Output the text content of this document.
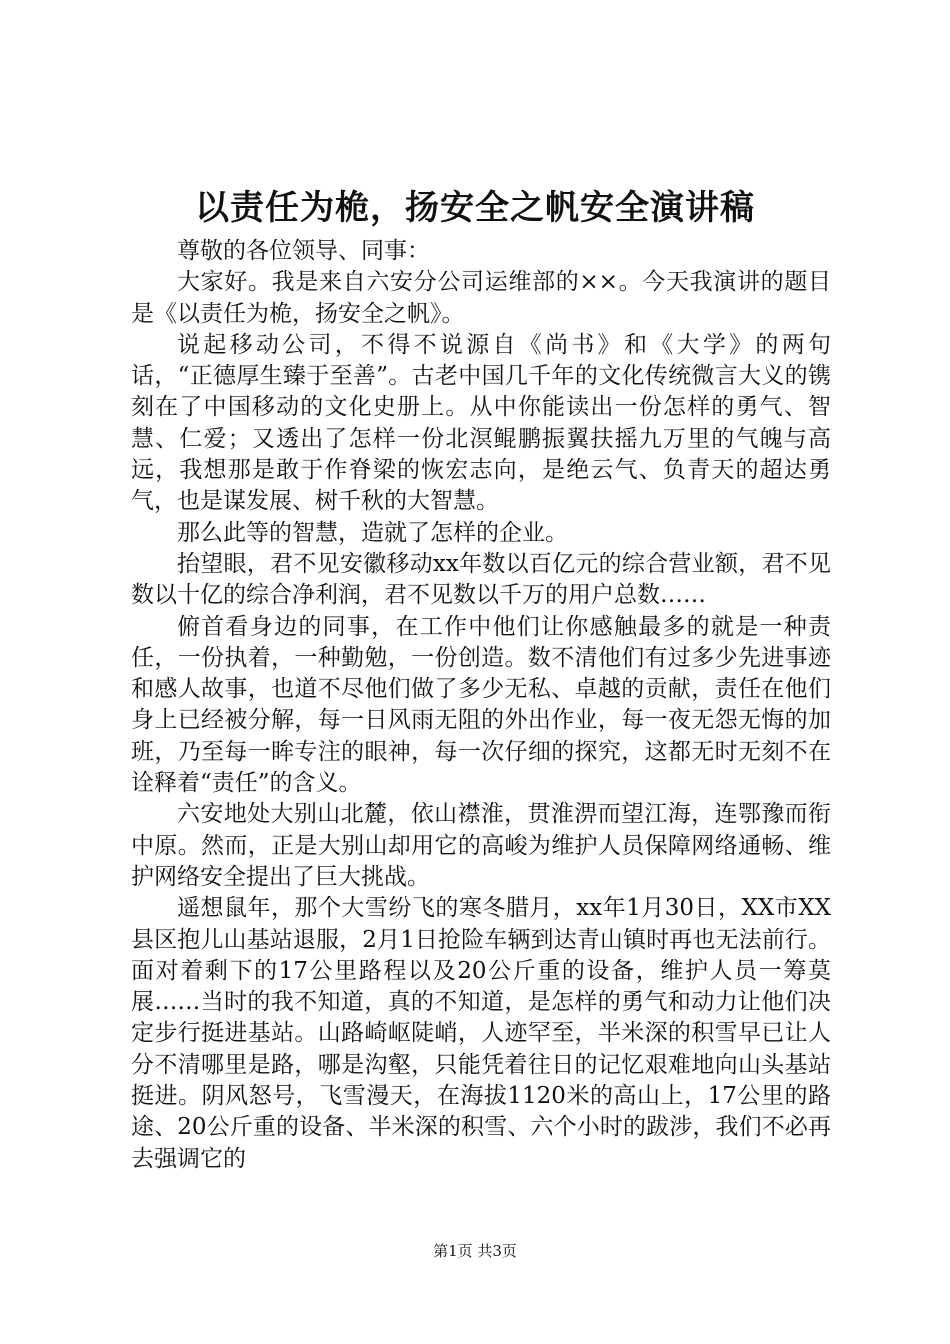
以责任为桅，扬安全之帆安全演讲稿

尊敬的各位领导、同事：

大家好。我是来自六安分公司运维部的××。今天我演讲的题目是《以责任为桅，扬安全之帆》。

说起移动公司，不得不说源自《尚书》和《大学》的两句话，“正德厚生臻于至善”。古老中国几千年的文化传统微言大义的镌刻在了中国移动的文化史册上。从中你能读出一份怎样的勇气、智慧、仁爱；又透出了怎样一份北溟鲲鹏振翼扶摇九万里的气魄与高远，我想那是敢于作脊梁的恢宏志向，是绝云气、负青天的超达勇气，也是谋发展、树千秋的大智慧。

那么此等的智慧，造就了怎样的企业。

抬望眼，君不见安徽移动xx年数以百亿元的综合营业额，君不见数以十亿的综合净利润，君不见数以千万的用户总数……

俯首看身边的同事，在工作中他们让你感触最多的就是一种责任，一份执着，一种勤勉，一份创造。数不清他们有过多少先进事迹和感人故事，也道不尽他们做了多少无私、卓越的贡献，责任在他们身上已经被分解，每一日风雨无阻的外出作业，每一夜无怨无悔的加班，乃至每一眸专注的眼神，每一次仔细的探究，这都无时无刻不在诠释着“责任”的含义。

六安地处大别山北麓，依山襟淮，贯淮淠而望江海，连鄂豫而衔中原。然而，正是大别山却用它的高峻为维护人员保障网络通畅、维护网络安全提出了巨大挑战。

遥想鼠年，那个大雪纷飞的寒冬腊月，xx年1月30日，XX市XX县区抱儿山基站退服，2月1日抢险车辆到达青山镇时再也无法前行。面对着剩下的17公里路程以及20公斤重的设备，维护人员一筹莫展……当时的我不知道，真的不知道，是怎样的勇气和动力让他们决定步行挺进基站。山路崎岖陡峭，人迹罕至，半米深的积雪早已让人分不清哪里是路，哪是沟壑，只能凭着往日的记忆艰难地向山头基站挺进。阴风怒号，飞雪漫天，在海拔1120米的高山上，17公里的路途、20公斤重的设备、半米深的积雪、六个小时的跋涉，我们不必再去强调它的

第1页 共3页
